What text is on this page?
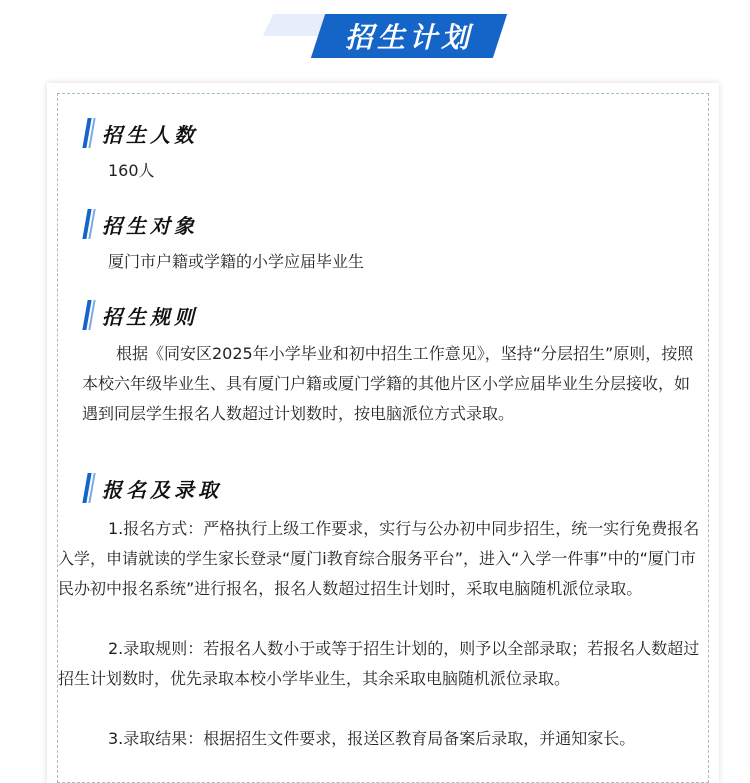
招生计划
招生人数

160人

招生对象

厦门市户籍或学籍的小学应届毕业生

招生规则

根据《同安区2025年小学毕业和初中招生工作意见》，坚持“分层招生”原则，按照本校六年级毕业生、具有厦门户籍或厦门学籍的其他片区小学应届毕业生分层接收，如遇到同层学生报名人数超过计划数时，按电脑派位方式录取。

报名及录取

1.报名方式：严格执行上级工作要求，实行与公办初中同步招生，统一实行免费报名入学，申请就读的学生家长登录“厦门i教育综合服务平台”，进入“入学一件事”中的“厦门市民办初中报名系统”进行报名，报名人数超过招生计划时，采取电脑随机派位录取。

2.录取规则：若报名人数小于或等于招生计划的，则予以全部录取；若报名人数超过招生计划数时，优先录取本校小学毕业生，其余采取电脑随机派位录取。

3.录取结果：根据招生文件要求，报送区教育局备案后录取，并通知家长。
